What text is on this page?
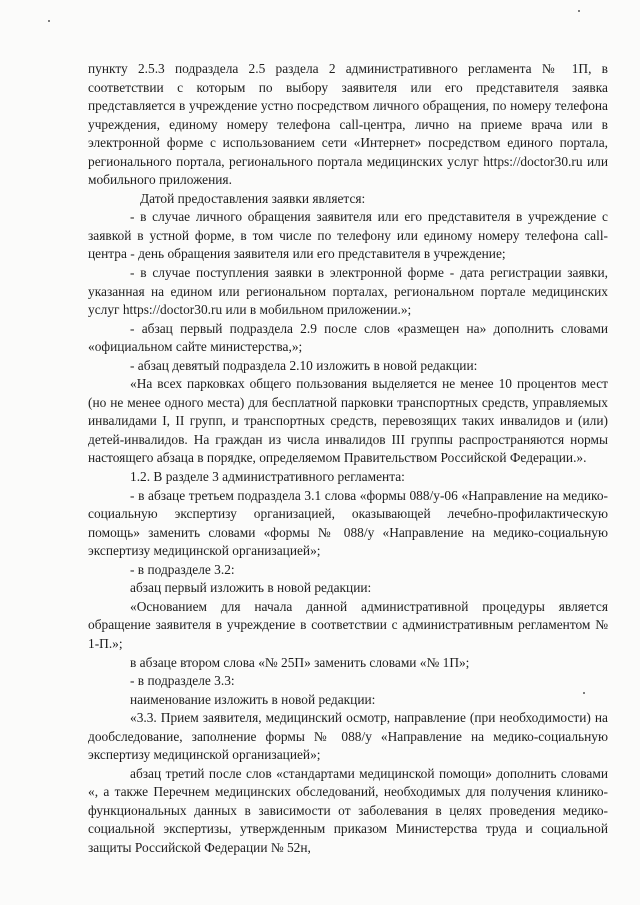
пункту 2.5.3 подраздела 2.5 раздела 2 административного регламента № 1П, в соответствии с которым по выбору заявителя или его представителя заявка представляется в учреждение устно посредством личного обращения, по номеру телефона учреждения, единому номеру телефона call-центра, лично на приеме врача или в электронной форме с использованием сети «Интернет» посредством единого портала, регионального портала, регионального портала медицинских услуг https://doctor30.ru или мобильного приложения.

Датой предоставления заявки является:

- в случае личного обращения заявителя или его представителя в учреждение с заявкой в устной форме, в том числе по телефону или единому номеру телефона call-центра - день обращения заявителя или его представителя в учреждение;

- в случае поступления заявки в электронной форме - дата регистрации заявки, указанная на едином или региональном порталах, региональном портале медицинских услуг https://doctor30.ru или в мобильном приложении.»;

- абзац первый подраздела 2.9 после слов «размещен на» дополнить словами «официальном сайте министерства,»;

- абзац девятый подраздела 2.10 изложить в новой редакции:

«На всех парковках общего пользования выделяется не менее 10 процентов мест (но не менее одного места) для бесплатной парковки транспортных средств, управляемых инвалидами I, II групп, и транспортных средств, перевозящих таких инвалидов и (или) детей-инвалидов. На граждан из числа инвалидов III группы распространяются нормы настоящего абзаца в порядке, определяемом Правительством Российской Федерации.».

1.2. В разделе 3 административного регламента:

- в абзаце третьем подраздела 3.1 слова «формы 088/у-06 «Направление на медико-социальную экспертизу организацией, оказывающей лечебно-профилактическую помощь» заменить словами «формы № 088/у «Направление на медико-социальную экспертизу медицинской организацией»;

- в подразделе 3.2:

абзац первый изложить в новой редакции:

«Основанием для начала данной административной процедуры является обращение заявителя в учреждение в соответствии с административным регламентом № 1-П.»;

в абзаце втором слова «№ 25П» заменить словами «№ 1П»;

- в подразделе 3.3:

наименование изложить в новой редакции:

«3.3. Прием заявителя, медицинский осмотр, направление (при необходимости) на дообследование, заполнение формы № 088/у «Направление на медико-социальную экспертизу медицинской организацией»;

абзац третий после слов «стандартами медицинской помощи» дополнить словами «, а также Перечнем медицинских обследований, необходимых для получения клинико-функциональных данных в зависимости от заболевания в целях проведения медико-социальной экспертизы, утвержденным приказом Министерства труда и социальной защиты Российской Федерации № 52н,
